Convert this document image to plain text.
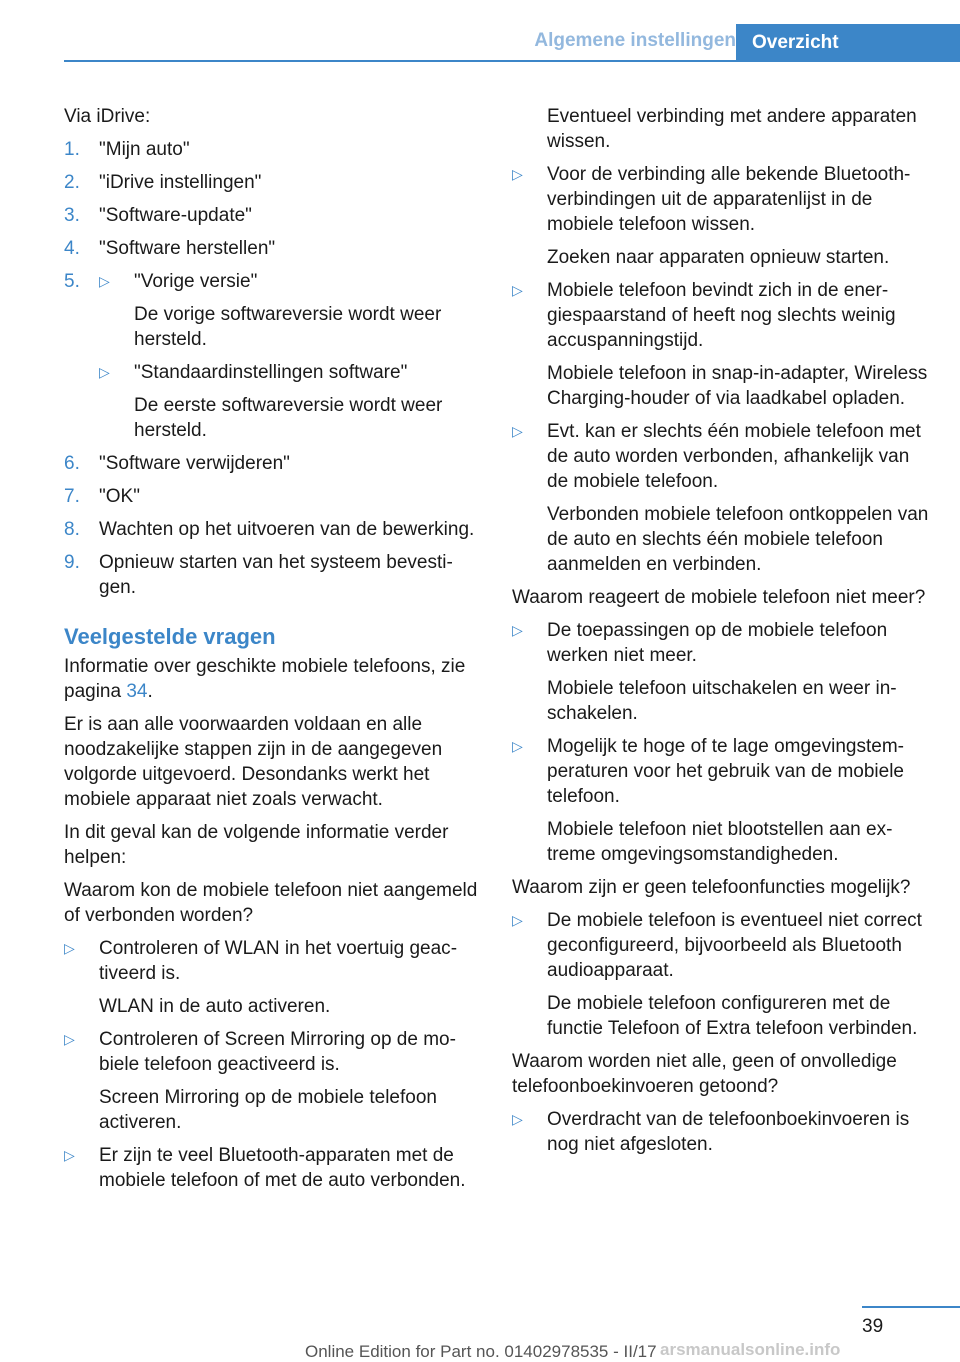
Algemene instellingen Overzicht

Via iDrive:

1. "Mijn auto"
2. "iDrive instellingen"
3. "Software-update"
4. "Software herstellen"
5. ▷ "Vorige versie"
De vorige softwareversie wordt weer hersteld.
▷ "Standaardinstellingen software"
De eerste softwareversie wordt weer hersteld.
6. "Software verwijderen"
7. "OK"
8. Wachten op het uitvoeren van de bewerking.
9. Opnieuw starten van het systeem bevestigen.
Veelgestelde vragen

Informatie over geschikte mobiele telefoons, zie pagina 34.

Er is aan alle voorwaarden voldaan en alle noodzakelijke stappen zijn in de aangegeven volgorde uitgevoerd. Desondanks werkt het mobiele apparaat niet zoals verwacht.

In dit geval kan de volgende informatie verder helpen:

Waarom kon de mobiele telefoon niet aangemeld of verbonden worden?

▷ Controleren of WLAN in het voertuig geactiveerd is.
WLAN in de auto activeren.
▷ Controleren of Screen Mirroring op de mobiele telefoon geactiveerd is.
Screen Mirroring op de mobiele telefoon activeren.
▷ Er zijn te veel Bluetooth-apparaten met de mobiele telefoon of met de auto verbonden.
Eventueel verbinding met andere apparaten wissen.
▷ Voor de verbinding alle bekende Bluetooth-verbindingen uit de apparatenlijst in de mobiele telefoon wissen.
Zoeken naar apparaten opnieuw starten.
▷ Mobiele telefoon bevindt zich in de energiespaarstand of heeft nog slechts weinig accuspanningstijd.
Mobiele telefoon in snap-in-adapter, Wireless Charging-houder of via laadkabel opladen.
▷ Evt. kan er slechts één mobiele telefoon met de auto worden verbonden, afhankelijk van de mobiele telefoon.
Verbonden mobiele telefoon ontkoppelen van de auto en slechts één mobiele telefoon aanmelden en verbinden.

Waarom reageert de mobiele telefoon niet meer?

▷ De toepassingen op de mobiele telefoon werken niet meer.
Mobiele telefoon uitschakelen en weer inschakelen.
▷ Mogelijk te hoge of te lage omgevingstemperaturen voor het gebruik van de mobiele telefoon.
Mobiele telefoon niet blootstellen aan extreme omgevingsomstandigheden.

Waarom zijn er geen telefoonfuncties mogelijk?

▷ De mobiele telefoon is eventueel niet correct geconfigureerd, bijvoorbeeld als Bluetooth audioapparaat.
De mobiele telefoon configureren met de functie Telefoon of Extra telefoon verbinden.

Waarom worden niet alle, geen of onvolledige telefoonboekinvoeren getoond?

▷ Overdracht van de telefoonboekinvoeren is nog niet afgesloten.
39
Online Edition for Part no. 01402978535 - II/17 arsmanualsonline.info
